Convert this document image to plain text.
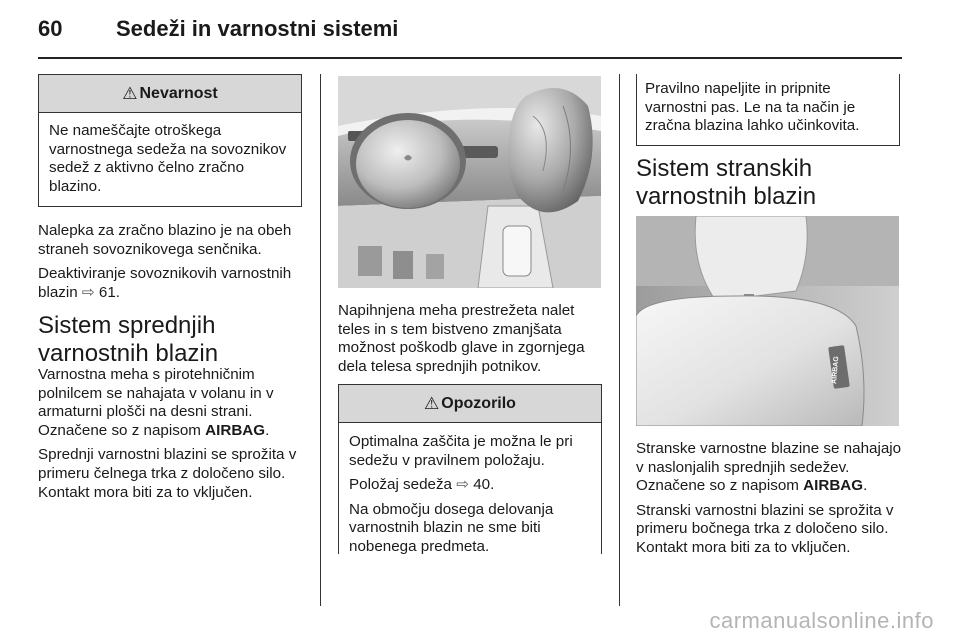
60 Sedeži in varnostni sistemi
⚠ Nevarnost

Ne nameščajte otroškega varnostnega sedeža na sovoznikov sedež z aktivno čelno zračno blazino.

Nalepka za zračno blazino je na obeh straneh sovoznikovega senčnika.

Deaktiviranje sovoznikovih varnostnih blazin ⇨ 61.

Sistem sprednjih
varnostnih blazin

Varnostna meha s pirotehničnim polnilcem se nahajata v volanu in v armaturni plošči na desni strani. Označene so z napisom AIRBAG.

Sprednji varnostni blazini se sprožita v primeru čelnega trka z določeno silo. Kontakt mora biti za to vključen.

Napihnjena meha prestrežeta nalet teles in s tem bistveno zmanjšata možnost poškodb glave in zgornjega dela telesa sprednjih potnikov.

⚠ Opozorilo

Optimalna zaščita je možna le pri sedežu v pravilnem položaju.

Položaj sedeža ⇨ 40.

Na območju dosega delovanja varnostnih blazin ne sme biti nobenega predmeta.

Pravilno napeljite in pripnite varnostni pas. Le na ta način je zračna blazina lahko učinkovita.

Sistem stranskih
varnostnih blazin
AIRBAG

Stranske varnostne blazine se nahajajo v naslonjalih sprednjih sedežev. Označene so z napisom AIRBAG.

Stranski varnostni blazini se sprožita v primeru bočnega trka z določeno silo. Kontakt mora biti za to vključen.

carmanualsonline.info
